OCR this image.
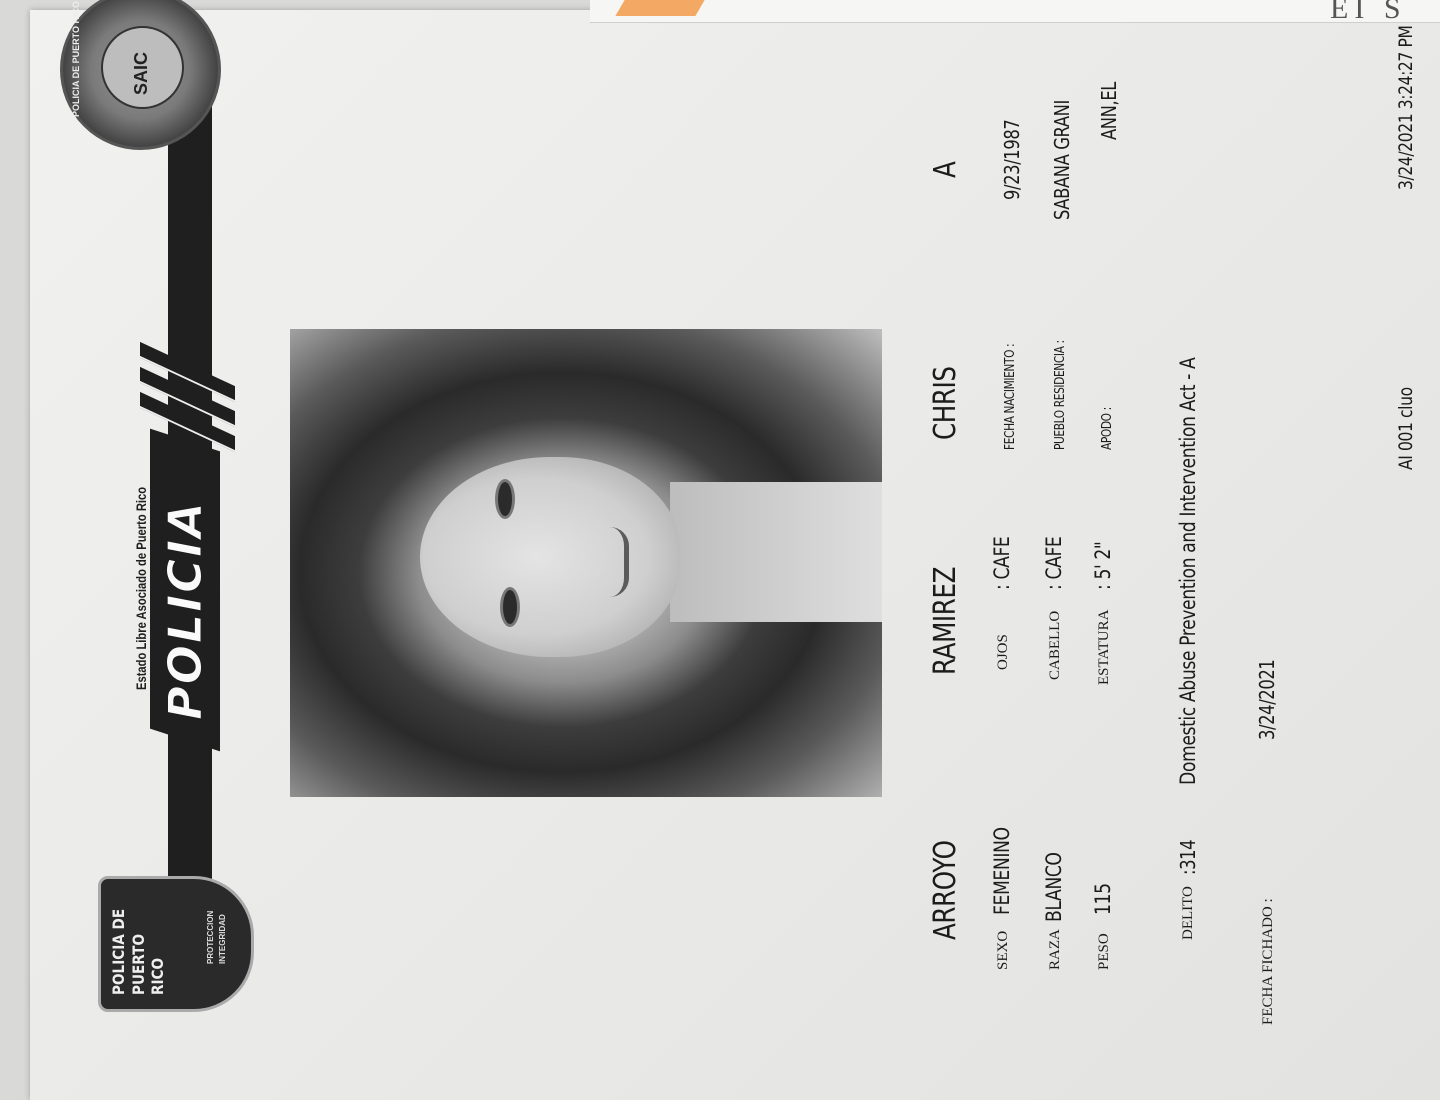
EI S
POLICIA
Estado Libre Asociado de Puerto Rico
POLICIA DE PUERTO RICO
PROTECCION INTEGRIDAD
POLICIA DE PUERTO RICO	SAIC
ARROYO
RAMIREZ
CHRIS
A
SEXO
FEMENINO
OJOS
: CAFE
FECHA NACIMIENTO :
9/23/1987
RAZA
BLANCO
CABELLO
: CAFE
PUEBLO RESIDENCIA :
SABANA GRANI
PESO
115
ESTATURA
: 5' 2"
APODO :
ANN,EL
DELITO
:314
Domestic Abuse Prevention and Intervention Act - A
FECHA FICHADO :
3/24/2021
AI 001 cluo
3/24/2021 3:24:27 PM
